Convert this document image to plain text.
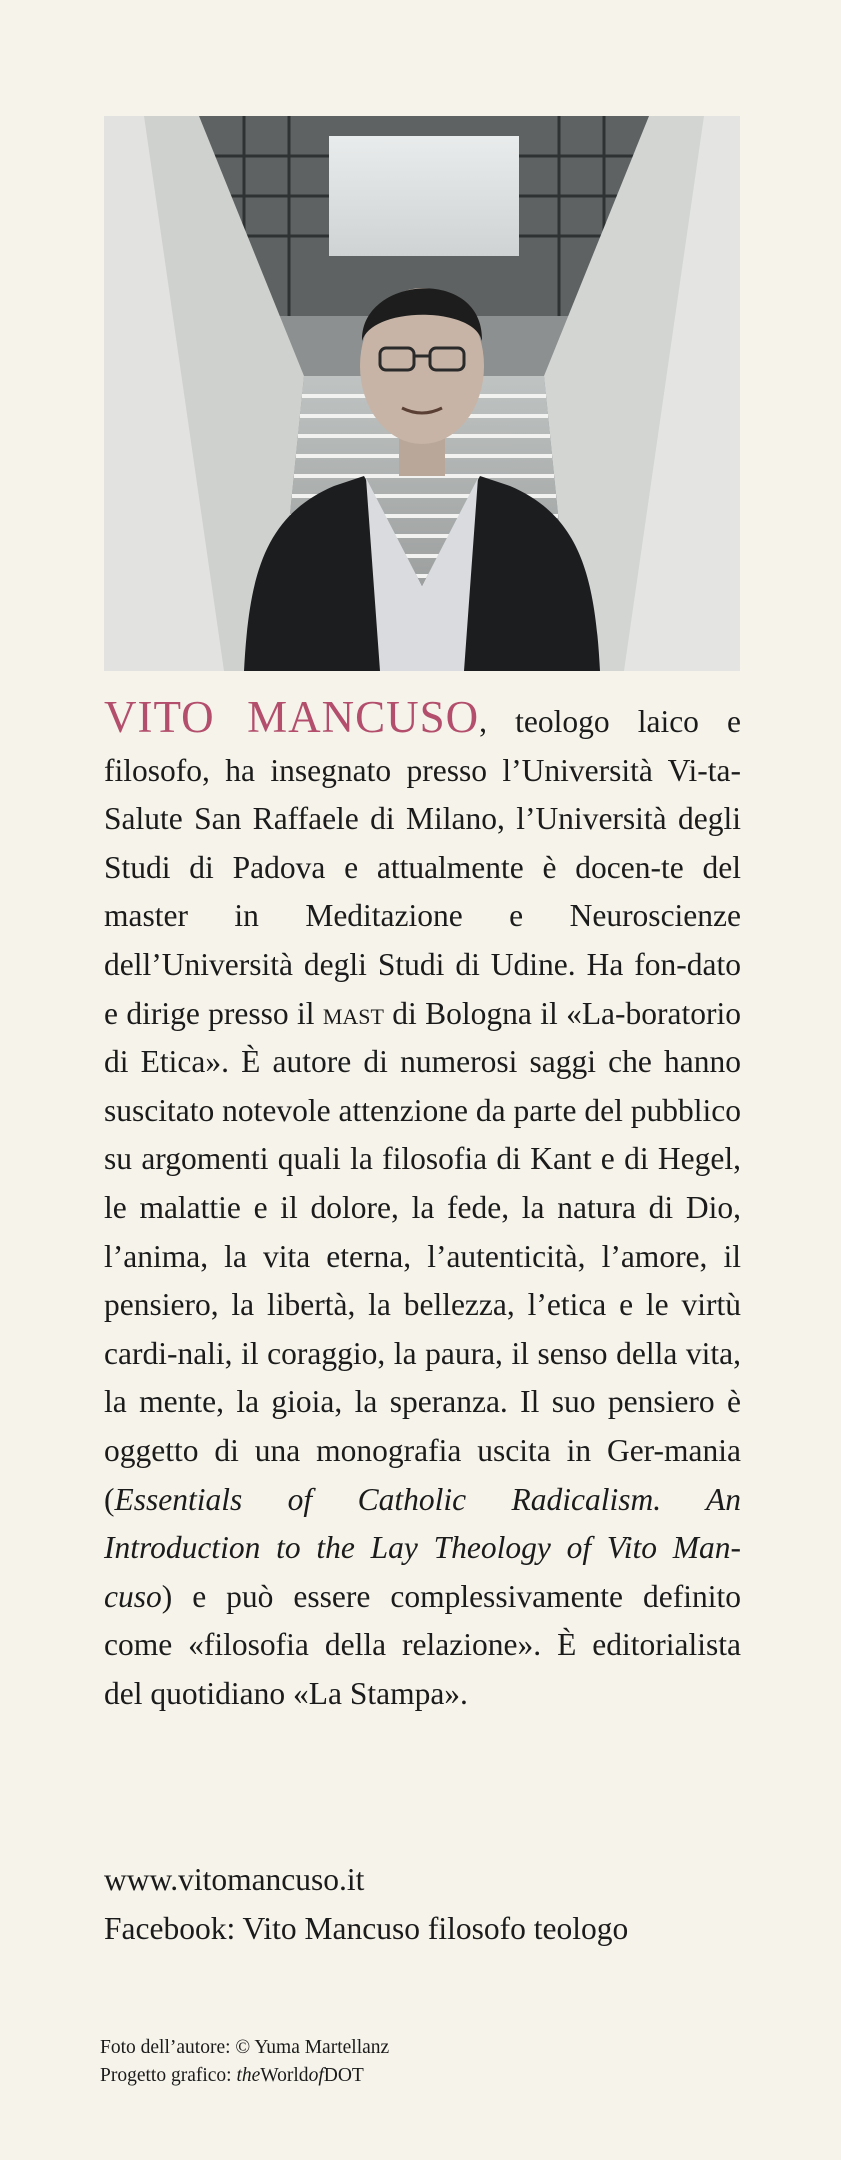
VITO MANCUSO, teologo laico e filosofo, ha insegnato presso l’Università Vi-ta-Salute San Raffaele di Milano, l’Università degli Studi di Padova e attualmente è docen-te del master in Meditazione e Neuroscienze dell’Università degli Studi di Udine. Ha fon-dato e dirige presso il mast di Bologna il «La-boratorio di Etica». È autore di numerosi saggi che hanno suscitato notevole attenzione da parte del pubblico su argomenti quali la filosofia di Kant e di Hegel, le malattie e il dolore, la fede, la natura di Dio, l’anima, la vita eterna, l’autenticità, l’amore, il pensiero, la libertà, la bellezza, l’etica e le virtù cardi-nali, il coraggio, la paura, il senso della vita, la mente, la gioia, la speranza. Il suo pensiero è oggetto di una monografia uscita in Ger-mania (Essentials of Catholic Radicalism. An Introduction to the Lay Theology of Vito Man-cuso) e può essere complessivamente definito come «filosofia della relazione». È editorialista del quotidiano «La Stampa».
www.vitomancuso.it
Facebook: Vito Mancuso filosofo teologo
Foto dell’autore: © Yuma Martellanz
Progetto grafico: theWorldofDOT
